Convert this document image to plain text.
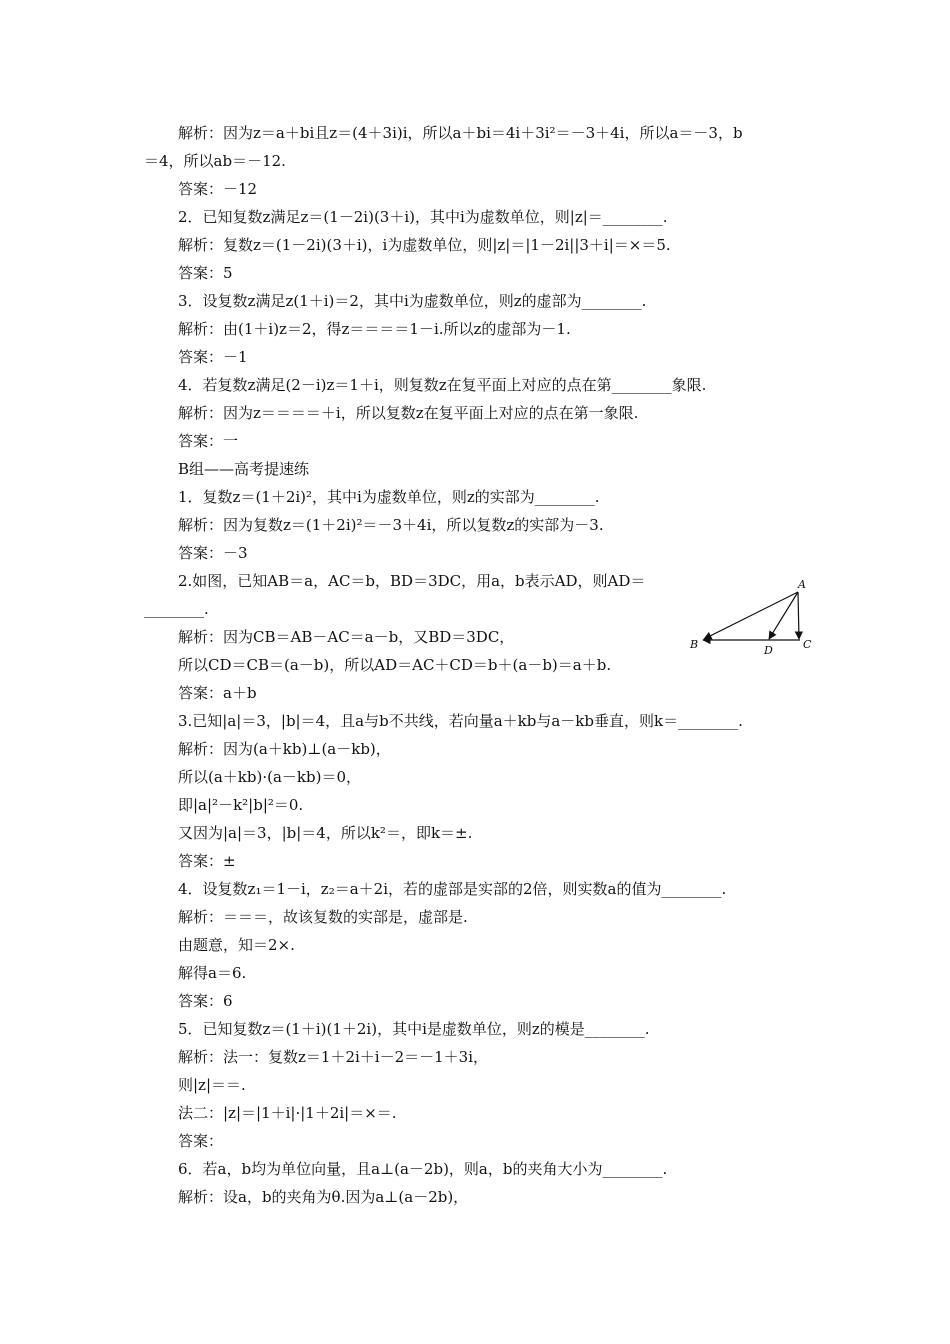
解析：因为z＝a＋bi且z＝(4＋3i)i，所以a＋bi＝4i＋3i²＝－3＋4i，所以a＝－3，b
＝4，所以ab＝－12.
答案：－12
2．已知复数z满足z＝(1－2i)(3＋i)，其中i为虚数单位，则|z|＝________.
解析：复数z＝(1－2i)(3＋i)，i为虚数单位，则|z|＝|1－2i||3＋i|＝×＝5.
答案：5
3．设复数z满足z(1＋i)＝2，其中i为虚数单位，则z的虚部为________.
解析：由(1＋i)z＝2，得z＝＝＝＝1－i.所以z的虚部为－1.
答案：－1
4．若复数z满足(2－i)z＝1＋i，则复数z在复平面上对应的点在第________象限.
解析：因为z＝＝＝＝＋i，所以复数z在复平面上对应的点在第一象限.
答案：一
B组——高考提速练
1．复数z＝(1＋2i)²，其中i为虚数单位，则z的实部为________.
解析：因为复数z＝(1＋2i)²＝－3＋4i，所以复数z的实部为－3.
答案：－3
2.如图，已知AB＝a，AC＝b，BD＝3DC，用a，b表示AD，则AD＝
________.
解析：因为CB＝AB－AC＝a－b，又BD＝3DC，
所以CD＝CB＝(a－b)，所以AD＝AC＋CD＝b＋(a－b)＝a＋b.
答案：a＋b
3.已知|a|＝3，|b|＝4，且a与b不共线，若向量a＋kb与a－kb垂直，则k＝________.
解析：因为(a＋kb)⊥(a－kb)，
所以(a＋kb)·(a－kb)＝0，
即|a|²－k²|b|²＝0.
又因为|a|＝3，|b|＝4，所以k²＝，即k＝±.
答案：±
4．设复数z₁＝1－i，z₂＝a＋2i，若的虚部是实部的2倍，则实数a的值为________.
解析：＝＝＝，故该复数的实部是，虚部是.
由题意，知＝2×.
解得a＝6.
答案：6
5．已知复数z＝(1＋i)(1＋2i)，其中i是虚数单位，则z的模是________.
解析：法一：复数z＝1＋2i＋i－2＝－1＋3i，
则|z|＝＝.
法二：|z|＝|1＋i|·|1＋2i|＝×＝.
答案：
6．若a，b均为单位向量，且a⊥(a－2b)，则a，b的夹角大小为________.
解析：设a，b的夹角为θ.因为a⊥(a－2b)，
A
B	C
D
